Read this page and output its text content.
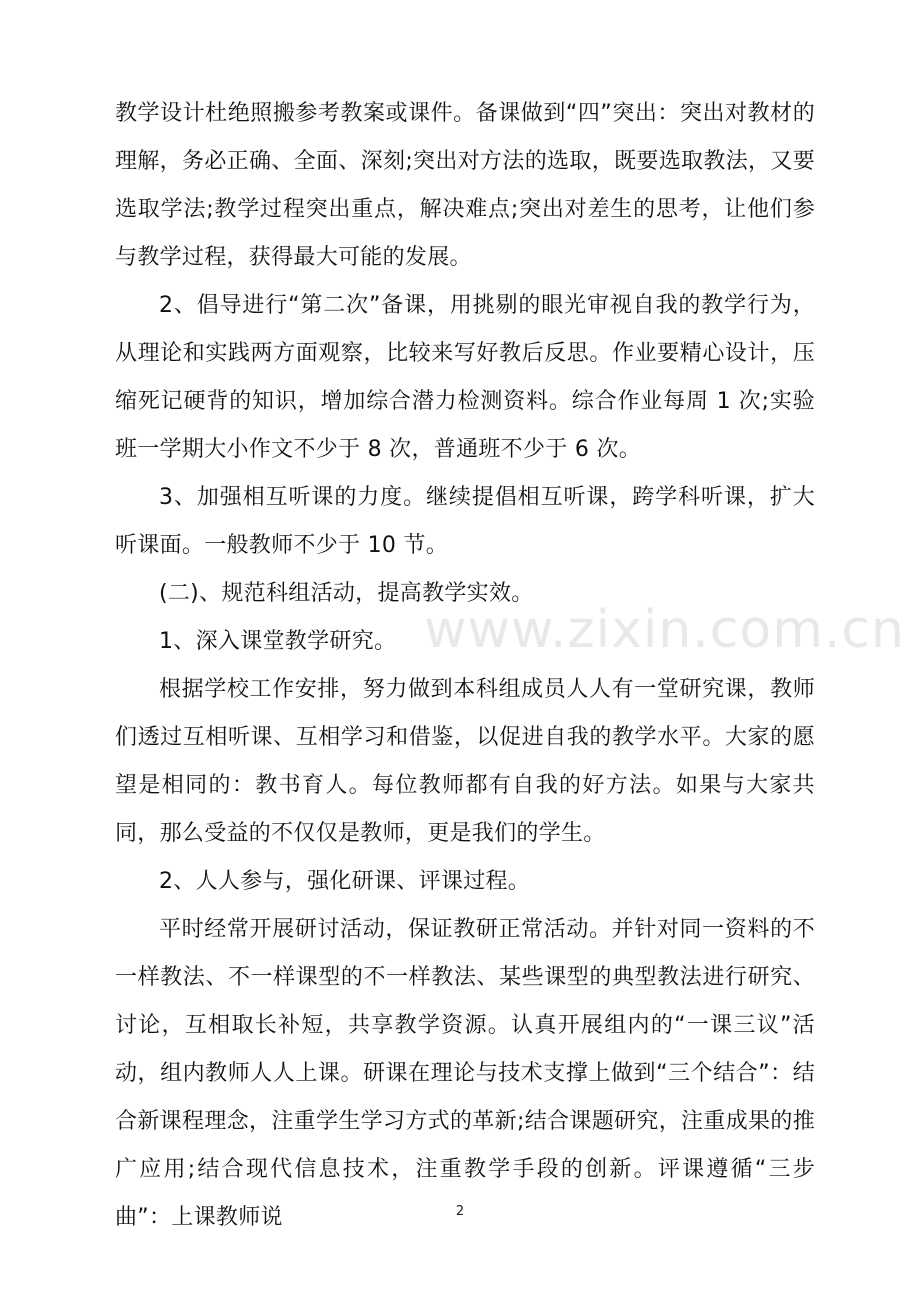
教学设计杜绝照搬参考教案或课件。备课做到“四”突出：突出对教材的理解，务必正确、全面、深刻;突出对方法的选取，既要选取教法，又要选取学法;教学过程突出重点，解决难点;突出对差生的思考，让他们参与教学过程，获得最大可能的发展。

2、倡导进行“第二次”备课，用挑剔的眼光审视自我的教学行为，从理论和实践两方面观察，比较来写好教后反思。作业要精心设计，压缩死记硬背的知识，增加综合潜力检测资料。综合作业每周 1 次;实验班一学期大小作文不少于 8 次，普通班不少于 6 次。

3、加强相互听课的力度。继续提倡相互听课，跨学科听课，扩大听课面。一般教师不少于 10 节。

(二)、规范科组活动，提高教学实效。

1、深入课堂教学研究。

根据学校工作安排，努力做到本科组成员人人有一堂研究课，教师们透过互相听课、互相学习和借鉴，以促进自我的教学水平。大家的愿望是相同的：教书育人。每位教师都有自我的好方法。如果与大家共同，那么受益的不仅仅是教师，更是我们的学生。

2、人人参与，强化研课、评课过程。

平时经常开展研讨活动，保证教研正常活动。并针对同一资料的不一样教法、不一样课型的不一样教法、某些课型的典型教法进行研究、讨论，互相取长补短，共享教学资源。认真开展组内的“一课三议”活动，组内教师人人上课。研课在理论与技术支撑上做到“三个结合”：结合新课程理念，注重学生学习方式的革新;结合课题研究，注重成果的推广应用;结合现代信息技术，注重教学手段的创新。评课遵循“三步曲”：上课教师说

www.zixin.com.cn
2
